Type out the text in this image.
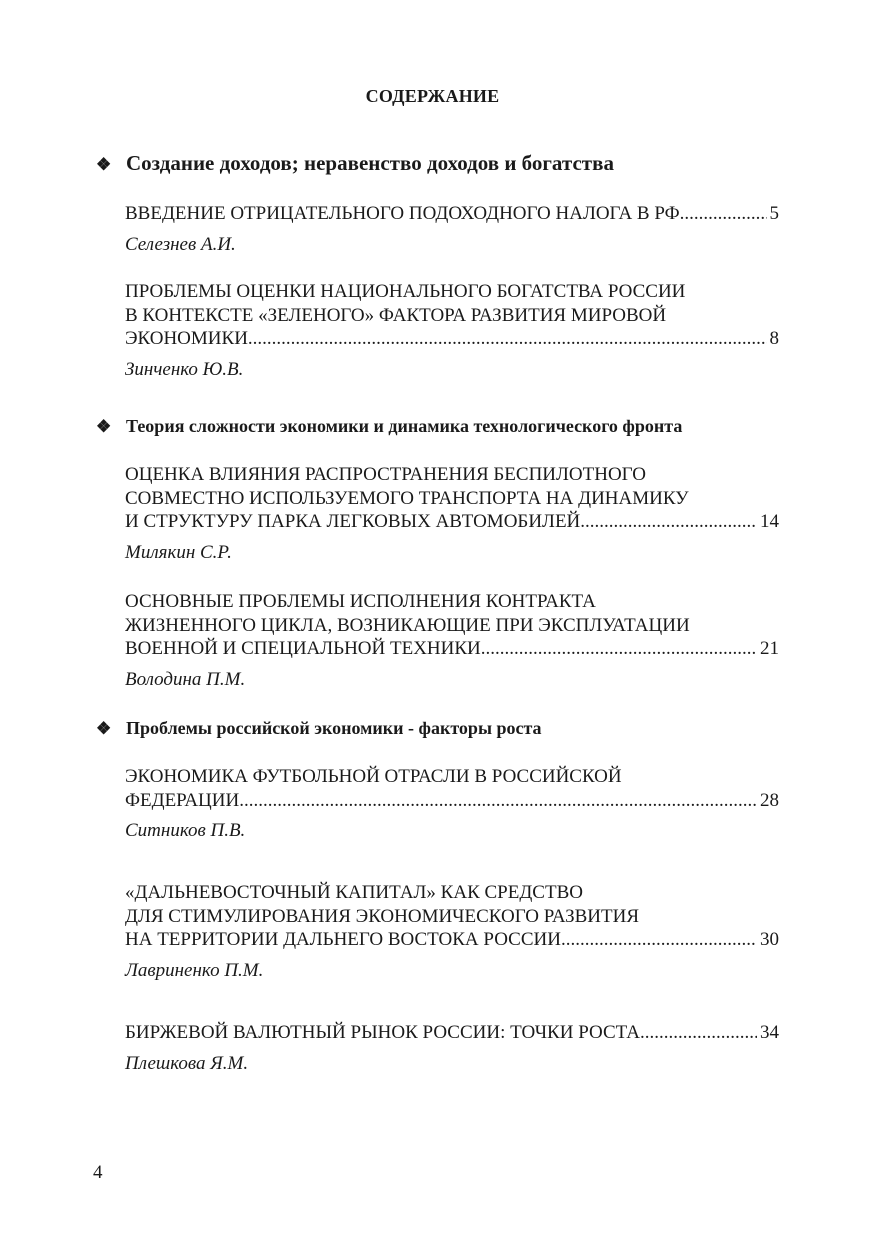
СОДЕРЖАНИЕ
❖ Создание доходов; неравенство доходов и богатства
ВВЕДЕНИЕ ОТРИЦАТЕЛЬНОГО ПОДОХОДНОГО НАЛОГА В РФ .....	5
Селезнев А.И.
ПРОБЛЕМЫ ОЦЕНКИ НАЦИОНАЛЬНОГО БОГАТСТВА РОССИИ
В КОНТЕКСТЕ «ЗЕЛЕНОГО» ФАКТОРА РАЗВИТИЯ МИРОВОЙ
ЭКОНОМИКИ .....	8
Зинченко Ю.В.
❖ Теория сложности экономики и динамика технологического фронта
ОЦЕНКА ВЛИЯНИЯ РАСПРОСТРАНЕНИЯ БЕСПИЛОТНОГО
СОВМЕСТНО ИСПОЛЬЗУЕМОГО ТРАНСПОРТА НА ДИНАМИКУ
И СТРУКТУРУ ПАРКА ЛЕГКОВЫХ АВТОМОБИЛЕЙ .....	14
Милякин С.Р.
ОСНОВНЫЕ ПРОБЛЕМЫ ИСПОЛНЕНИЯ КОНТРАКТА
ЖИЗНЕННОГО ЦИКЛА, ВОЗНИКАЮЩИЕ ПРИ ЭКСПЛУАТАЦИИ
ВОЕННОЙ И СПЕЦИАЛЬНОЙ ТЕХНИКИ .....	21
Володина П.М.
❖ Проблемы российской экономики - факторы роста
ЭКОНОМИКА ФУТБОЛЬНОЙ ОТРАСЛИ В РОССИЙСКОЙ
ФЕДЕРАЦИИ .....	28
Ситников П.В.
«ДАЛЬНЕВОСТОЧНЫЙ КАПИТАЛ» КАК СРЕДСТВО
ДЛЯ СТИМУЛИРОВАНИЯ ЭКОНОМИЧЕСКОГО РАЗВИТИЯ
НА ТЕРРИТОРИИ ДАЛЬНЕГО ВОСТОКА РОССИИ .....	30
Лавриненко П.М.
БИРЖЕВОЙ ВАЛЮТНЫЙ РЫНОК РОССИИ: ТОЧКИ РОСТА .....	34
Плешкова Я.М.
4
